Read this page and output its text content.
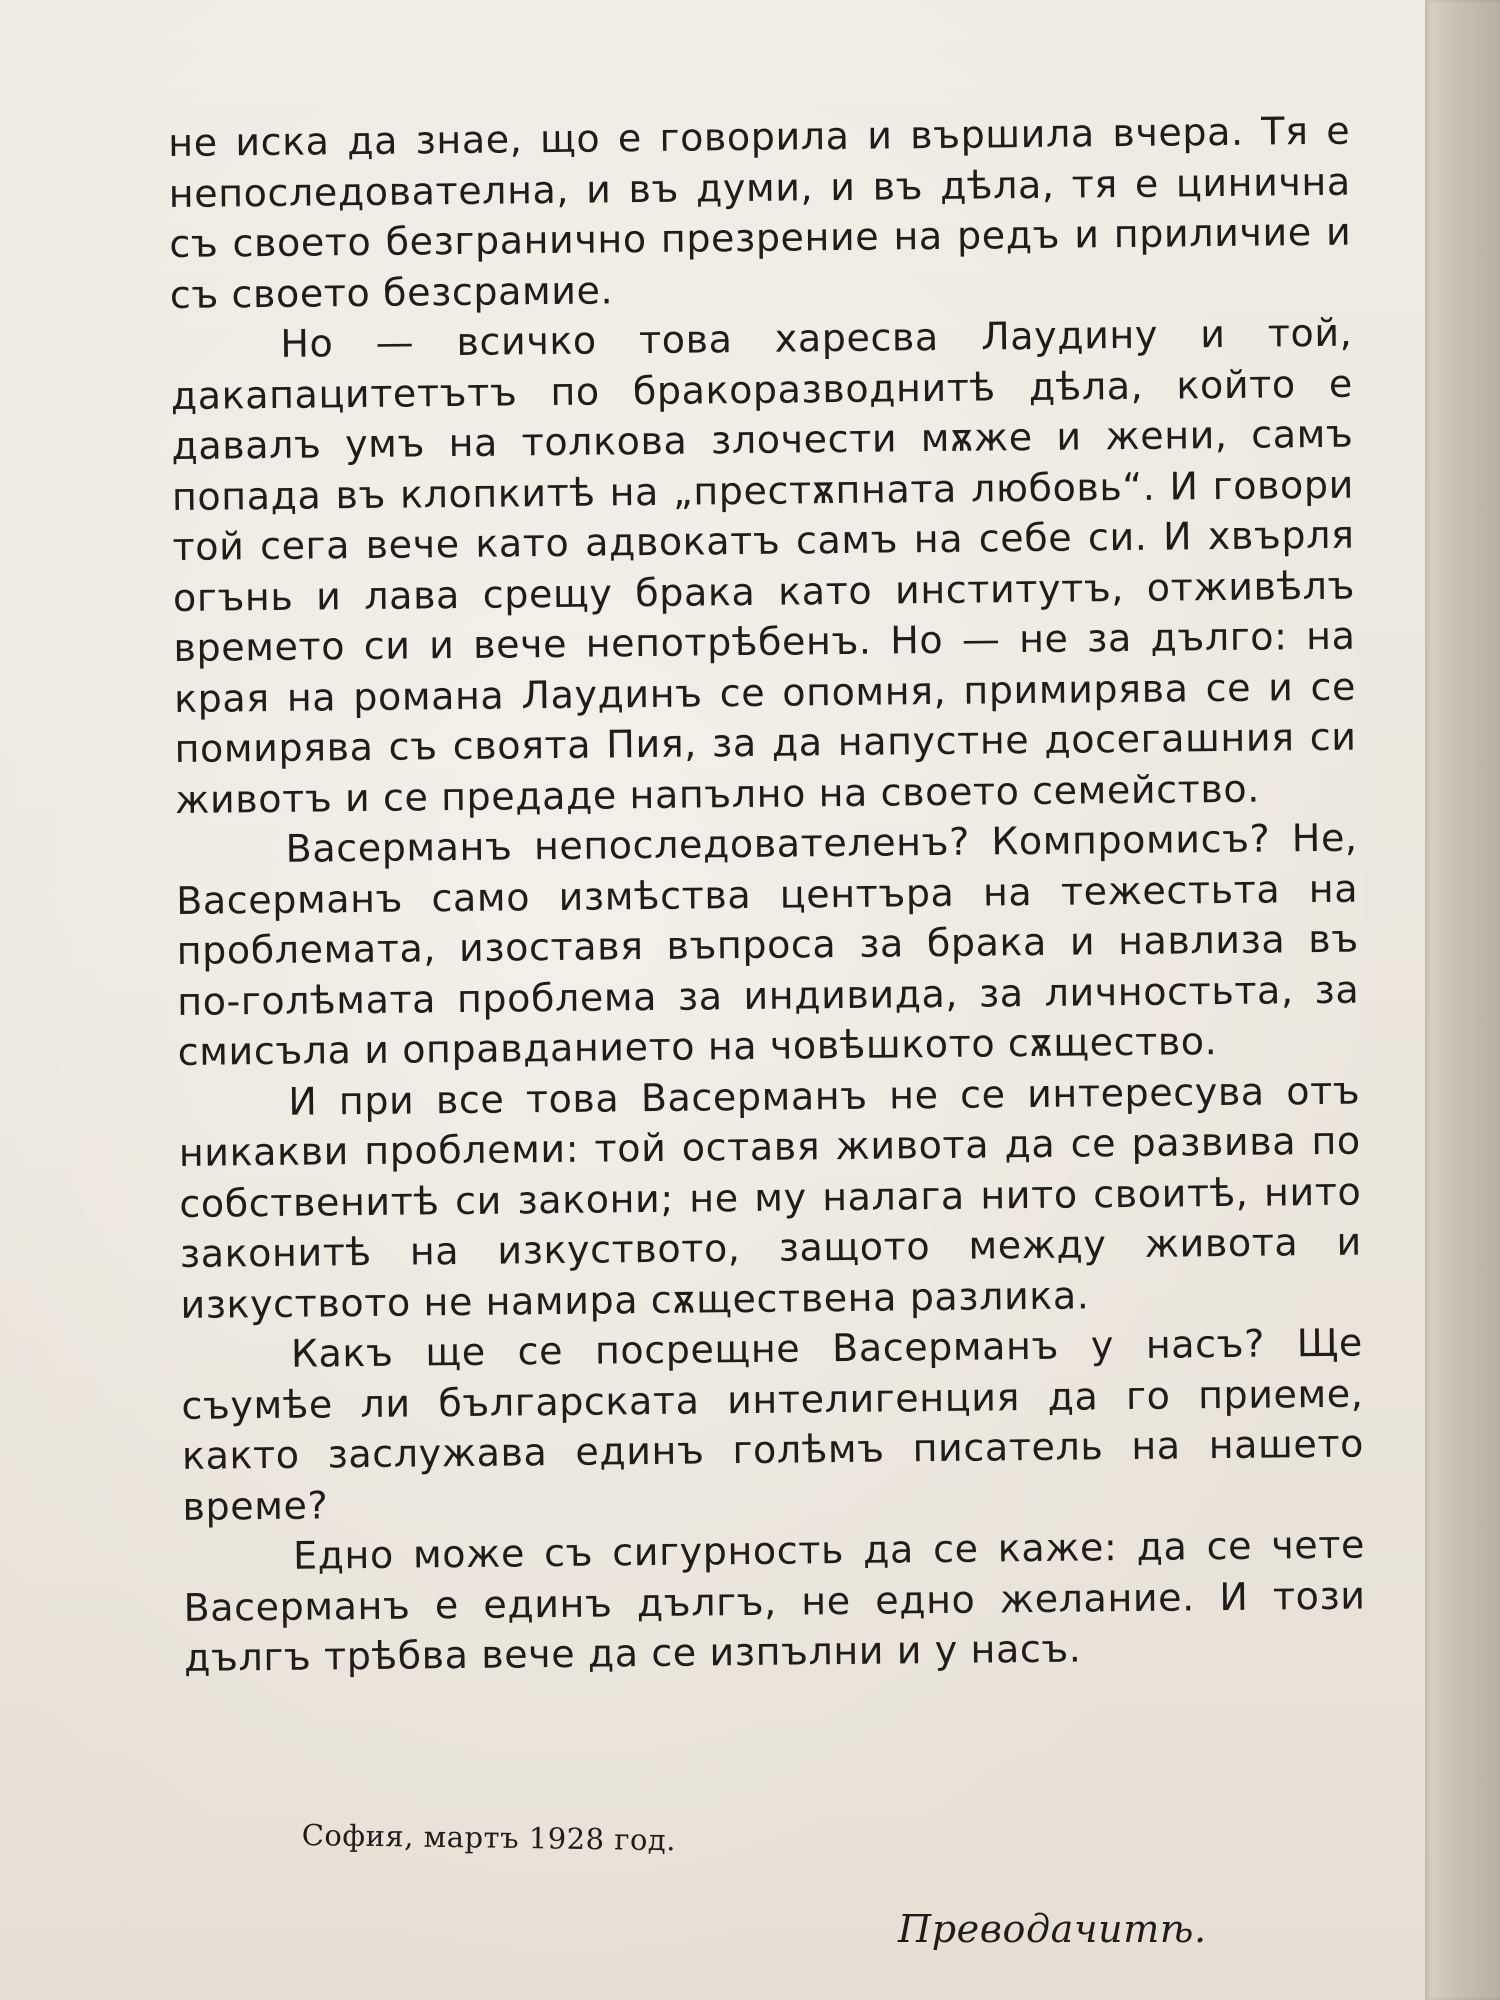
не иска да знае, що е говорила и вършила вчера. Тя е непоследователна, и въ думи, и въ дѣла, тя е цинична съ своето безгранично презрение на редъ и приличие и съ своето безсрамие.

Но — всичко това харесва Лаудину и той, дакапацитетътъ по бракоразводнитѣ дѣла, който е давалъ умъ на толкова злочести мѫже и жени, самъ попада въ клопкитѣ на „престѫпната любовь“. И говори той сега вече като адвокатъ самъ на себе си. И хвърля огънь и лава срещу брака като институтъ, отживѣлъ времето си и вече непотрѣбенъ. Но — не за дълго: на края на романа Лаудинъ се опомня, примирява се и се помирява съ своята Пия, за да напустне досегашния си животъ и се предаде напълно на своето семейство.

Васерманъ непоследователенъ? Компромисъ? Не, Васерманъ само измѣства центъра на тежестьта на проблемата, изоставя въпроса за брака и навлиза въ по-голѣмата проблема за индивида, за личностьта, за смисъла и оправданието на човѣшкото сѫщество.

И при все това Васерманъ не се интересува отъ никакви проблеми: той оставя живота да се развива по собственитѣ си закони; не му налага нито своитѣ, нито законитѣ на изкуството, защото между живота и изкуството не намира сѫществена разлика.

Какъ ще се посрещне Васерманъ у насъ? Ще съумѣе ли българската интелигенция да го приеме, както заслужава единъ голѣмъ писатель на нашето време?

Едно може съ сигурность да се каже: да се чете Васерманъ е единъ дългъ, не едно желание. И този дългъ трѣбва вече да се изпълни и у насъ.

София, мартъ 1928 год.
Преводачитѣ.
